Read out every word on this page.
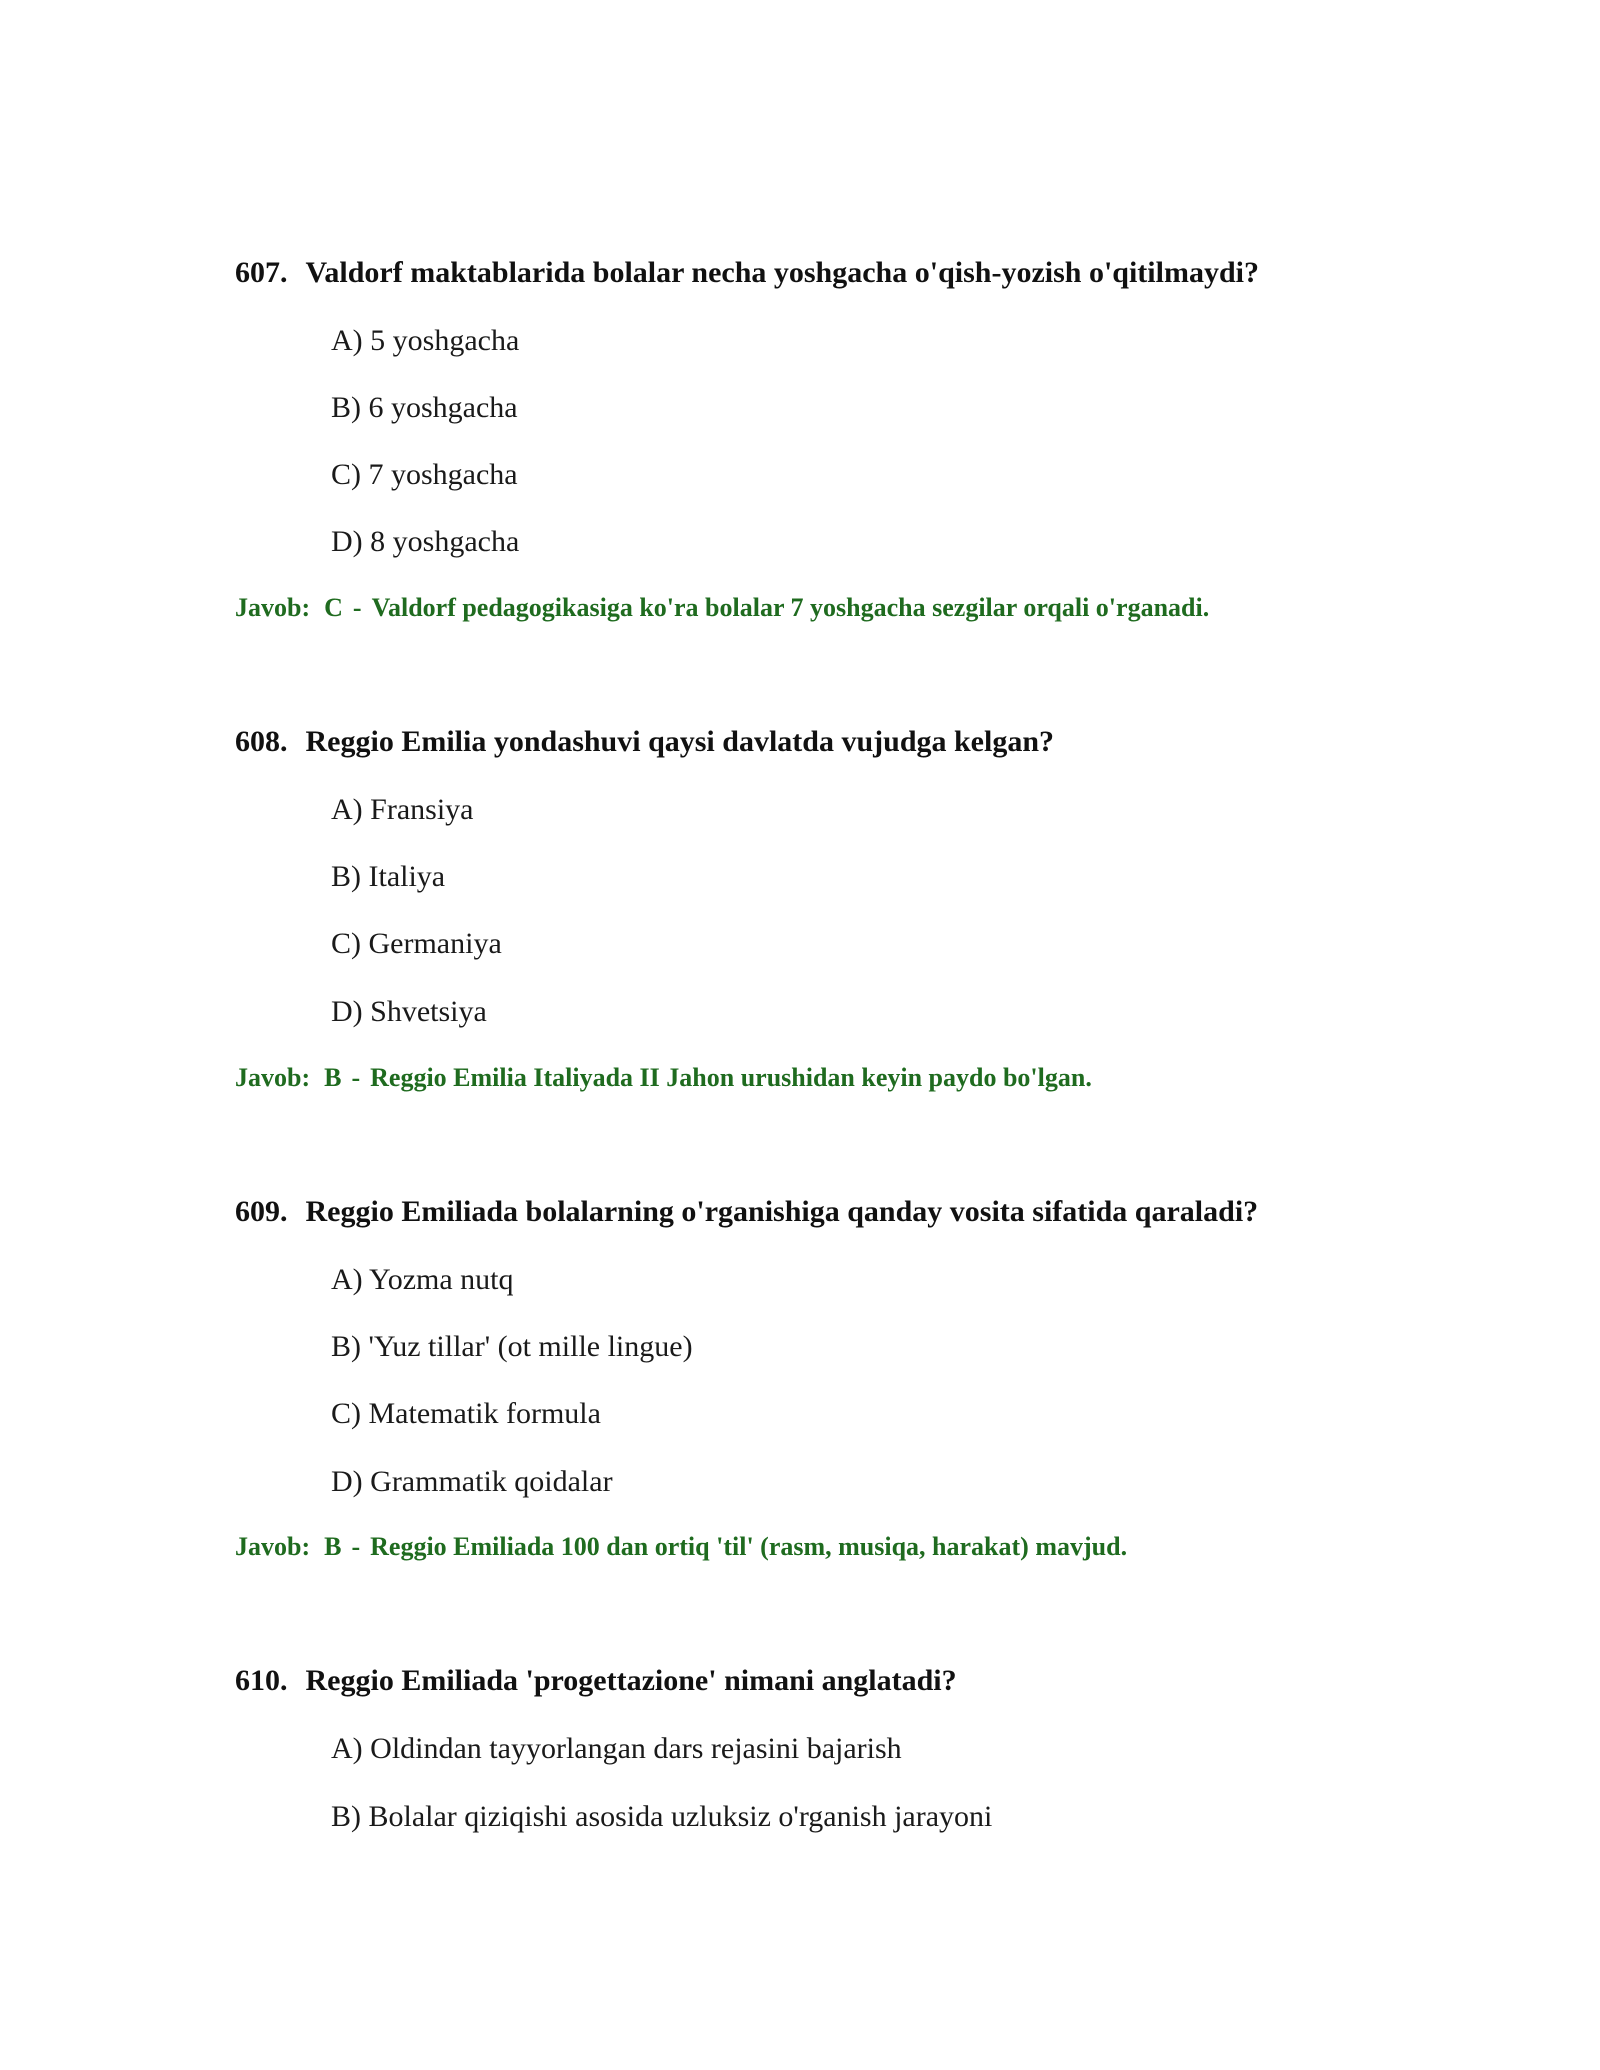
607. Valdorf maktablarida bolalar necha yoshgacha o'qish-yozish o'qitilmaydi?
A) 5 yoshgacha
B) 6 yoshgacha
C) 7 yoshgacha
D) 8 yoshgacha
Javob: C - Valdorf pedagogikasiga ko'ra bolalar 7 yoshgacha sezgilar orqali o'rganadi.
608. Reggio Emilia yondashuvi qaysi davlatda vujudga kelgan?
A) Fransiya
B) Italiya
C) Germaniya
D) Shvetsiya
Javob: B - Reggio Emilia Italiyada II Jahon urushidan keyin paydo bo'lgan.
609. Reggio Emiliada bolalarning o'rganishiga qanday vosita sifatida qaraladi?
A) Yozma nutq
B) 'Yuz tillar' (ot mille lingue)
C) Matematik formula
D) Grammatik qoidalar
Javob: B - Reggio Emiliada 100 dan ortiq 'til' (rasm, musiqa, harakat) mavjud.
610. Reggio Emiliada 'progettazione' nimani anglatadi?
A) Oldindan tayyorlangan dars rejasini bajarish
B) Bolalar qiziqishi asosida uzluksiz o'rganish jarayoni
